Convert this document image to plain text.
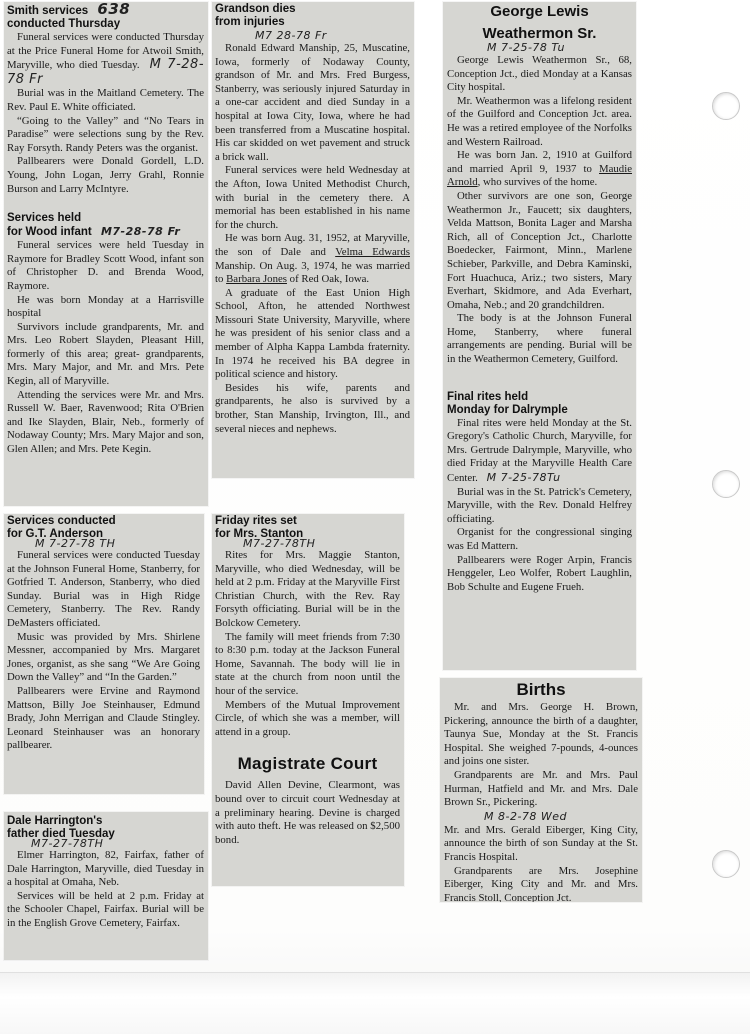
Smith services 638
conducted Thursday

Funeral services were conducted Thursday at the Price Funeral Home for Atwoil Smith, Maryville, who died Tuesday. M 7-28-78 Fr

Burial was in the Maitland Cemetery. The Rev. Paul E. White officiated.

“Going to the Valley” and “No Tears in Paradise” were selections sung by the Rev. Ray Forsyth. Randy Peters was the organist.

Pallbearers were Donald Gordell, L.D. Young, John Logan, Jerry Grahl, Ronnie Burson and Larry McIntyre.

Services held
for Wood infant M7-28-78 Fr

Funeral services were held Tuesday in Raymore for Bradley Scott Wood, infant son of Christopher D. and Brenda Wood, Raymore.

He was born Monday at a Harrisville hospital

Survivors include grandparents, Mr. and Mrs. Leo Robert Slayden, Pleasant Hill, formerly of this area; great- grandparents, Mrs. Mary Major, and Mr. and Mrs. Pete Kegin, all of Maryville.

Attending the services were Mr. and Mrs. Russell W. Baer, Ravenwood; Rita O'Brien and Ike Slayden, Blair, Neb., formerly of Nodaway County; Mrs. Mary Major and son, Glen Allen; and Mrs. Pete Kegin.

Grandson dies
from injuries
M7 28-78 Fr

Ronald Edward Manship, 25, Muscatine, Iowa, formerly of Nodaway County, grandson of Mr. and Mrs. Fred Burgess, Stanberry, was seriously injured Saturday in a one-car accident and died Sunday in a hospital at Iowa City, Iowa, where he had been transferred from a Muscatine hospital. His car skidded on wet pavement and struck a brick wall.

Funeral services were held Wednesday at the Afton, Iowa United Methodist Church, with burial in the cemetery there. A memorial has been established in his name for the church.

He was born Aug. 31, 1952, at Maryville, the son of Dale and Velma Edwards Manship. On Aug. 3, 1974, he was married to Barbara Jones of Red Oak, Iowa.

A graduate of the East Union High School, Afton, he attended Northwest Missouri State University, Maryville, where he was president of his senior class and a member of Alpha Kappa Lambda fraternity. In 1974 he received his BA degree in political science and history.

Besides his wife, parents and grandparents, he also is survived by a brother, Stan Manship, Irvington, Ill., and several nieces and nephews.

George Lewis
Weathermon Sr.
M 7-25-78 Tu

George Lewis Weathermon Sr., 68, Conception Jct., died Monday at a Kansas City hospital.

Mr. Weathermon was a lifelong resident of the Guilford and Conception Jct. area. He was a retired employee of the Norfolks and Western Railroad.

He was born Jan. 2, 1910 at Guilford and married April 9, 1937 to Maudie Arnold, who survives of the home.

Other survivors are one son, George Weathermon Jr., Faucett; six daughters, Velda Mattson, Bonita Lager and Marsha Rich, all of Conception Jct., Charlotte Boedecker, Fairmont, Minn., Marlene Schieber, Parkville, and Debra Kaminski, Fort Huachuca, Ariz.; two sisters, Mary Everhart, Skidmore, and Ada Everhart, Omaha, Neb.; and 20 grandchildren.

The body is at the Johnson Funeral Home, Stanberry, where funeral arrangements are pending. Burial will be in the Weathermon Cemetery, Guilford.

Final rites held
Monday for Dalrymple

Final rites were held Monday at the St. Gregory's Catholic Church, Maryville, for Mrs. Gertrude Dalrymple, Maryville, who died Friday at the Maryville Health Care Center. M 7-25-78Tu

Burial was in the St. Patrick's Cemetery, Maryville, with the Rev. Donald Helfrey officiating.

Organist for the congressional singing was Ed Mattern.

Pallbearers were Roger Arpin, Francis Henggeler, Leo Wolfer, Robert Laughlin, Bob Schulte and Eugene Frueh.

Services conducted
for G.T. Anderson
M 7-27-78 TH

Funeral services were conducted Tuesday at the Johnson Funeral Home, Stanberry, for Gotfried T. Anderson, Stanberry, who died Sunday. Burial was in High Ridge Cemetery, Stanberry. The Rev. Randy DeMasters officiated.

Music was provided by Mrs. Shirlene Messner, accompanied by Mrs. Margaret Jones, organist, as she sang “We Are Going Down the Valley” and “In the Garden.”

Pallbearers were Ervine and Raymond Mattson, Billy Joe Steinhauser, Edmund Brady, John Merrigan and Claude Stingley. Leonard Steinhauser was an honorary pallbearer.

Friday rites set
for Mrs. Stanton
M7-27-78TH

Rites for Mrs. Maggie Stanton, Maryville, who died Wednesday, will be held at 2 p.m. Friday at the Maryville First Christian Church, with the Rev. Ray Forsyth officiating. Burial will be in the Bolckow Cemetery.

The family will meet friends from 7:30 to 8:30 p.m. today at the Jackson Funeral Home, Savannah. The body will lie in state at the church from noon until the hour of the service.

Members of the Mutual Improvement Circle, of which she was a member, will attend in a group.

Magistrate Court

David Allen Devine, Clearmont, was bound over to circuit court Wednesday at a preliminary hearing. Devine is charged with auto theft. He was released on $2,500 bond.

Dale Harrington's
father died Tuesday
M7-27-78TH

Elmer Harrington, 82, Fairfax, father of Dale Harrington, Maryville, died Tuesday in a hospital at Omaha, Neb.

Services will be held at 2 p.m. Friday at the Schooler Chapel, Fairfax. Burial will be in the English Grove Cemetery, Fairfax.

Births

Mr. and Mrs. George H. Brown, Pickering, announce the birth of a daughter, Taunya Sue, Monday at the St. Francis Hospital. She weighed 7-pounds, 4-ounces and joins one sister.

Grandparents are Mr. and Mrs. Paul Hurman, Hatfield and Mr. and Mrs. Dale Brown Sr., Pickering.

M 8-2-78 Wed

Mr. and Mrs. Gerald Eiberger, King City, announce the birth of son Sunday at the St. Francis Hospital.

Grandparents are Mrs. Josephine Eiberger, King City and Mr. and Mrs. Francis Stoll, Conception Jct.
